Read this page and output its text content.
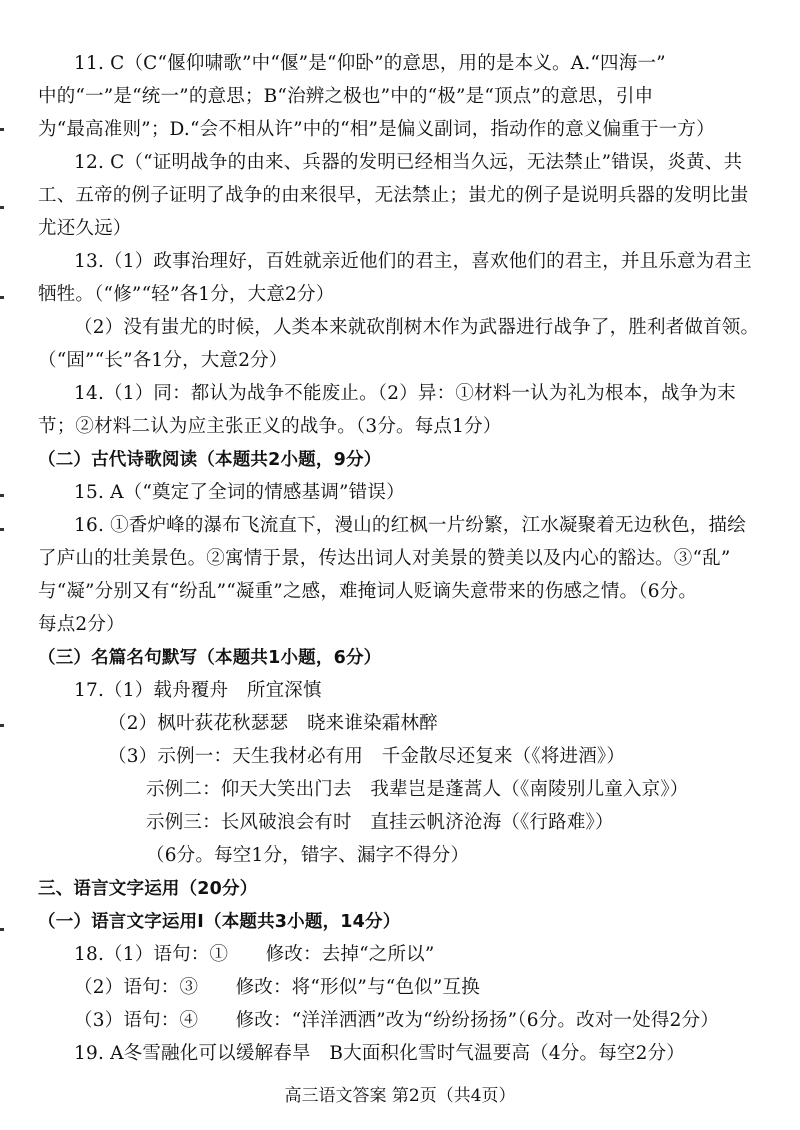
11. C（C“偃仰啸歌”中“偃”是“仰卧”的意思，用的是本义。A.“四海一”
中的“一”是“统一”的意思；B“治辨之极也”中的“极”是“顶点”的意思，引申
为“最高准则”；D.“会不相从许”中的“相”是偏义副词，指动作的意义偏重于一方）
12. C（“证明战争的由来、兵器的发明已经相当久远，无法禁止”错误，炎黄、共
工、五帝的例子证明了战争的由来很早，无法禁止；蚩尤的例子是说明兵器的发明比蚩
尤还久远）
13.（1）政事治理好，百姓就亲近他们的君主，喜欢他们的君主，并且乐意为君主
牺牲。（“修”“轻”各1分，大意2分）
（2）没有蚩尤的时候，人类本来就砍削树木作为武器进行战争了，胜利者做首领。
（“固”“长”各1分，大意2分）
14.（1）同：都认为战争不能废止。（2）异：①材料一认为礼为根本，战争为末
节；②材料二认为应主张正义的战争。（3分。每点1分）
（二）古代诗歌阅读（本题共2小题，9分）
15. A（“奠定了全词的情感基调”错误）
16. ①香炉峰的瀑布飞流直下，漫山的红枫一片纷繁，江水凝聚着无边秋色，描绘
了庐山的壮美景色。②寓情于景，传达出词人对美景的赞美以及内心的豁达。③“乱”
与“凝”分别又有“纷乱”“凝重”之感，难掩词人贬谪失意带来的伤感之情。（6分。
每点2分）
（三）名篇名句默写（本题共1小题，6分）
17.（1）载舟覆舟　所宜深慎
（2）枫叶荻花秋瑟瑟　晓来谁染霜林醉
（3）示例一：天生我材必有用　千金散尽还复来（《将进酒》）
示例二：仰天大笑出门去　我辈岂是蓬蒿人（《南陵别儿童入京》）
示例三：长风破浪会有时　直挂云帆济沧海（《行路难》）
（6分。每空1分，错字、漏字不得分）
三、语言文字运用（20分）
（一）语言文字运用Ⅰ（本题共3小题，14分）
18.（1）语句：①　　修改：去掉“之所以”
（2）语句：③　　修改：将“形似”与“色似”互换
（3）语句：④　　修改：“洋洋洒洒”改为“纷纷扬扬”（6分。改对一处得2分）
19. A冬雪融化可以缓解春旱　B大面积化雪时气温要高（4分。每空2分）
高三语文答案 第2页（共4页）
